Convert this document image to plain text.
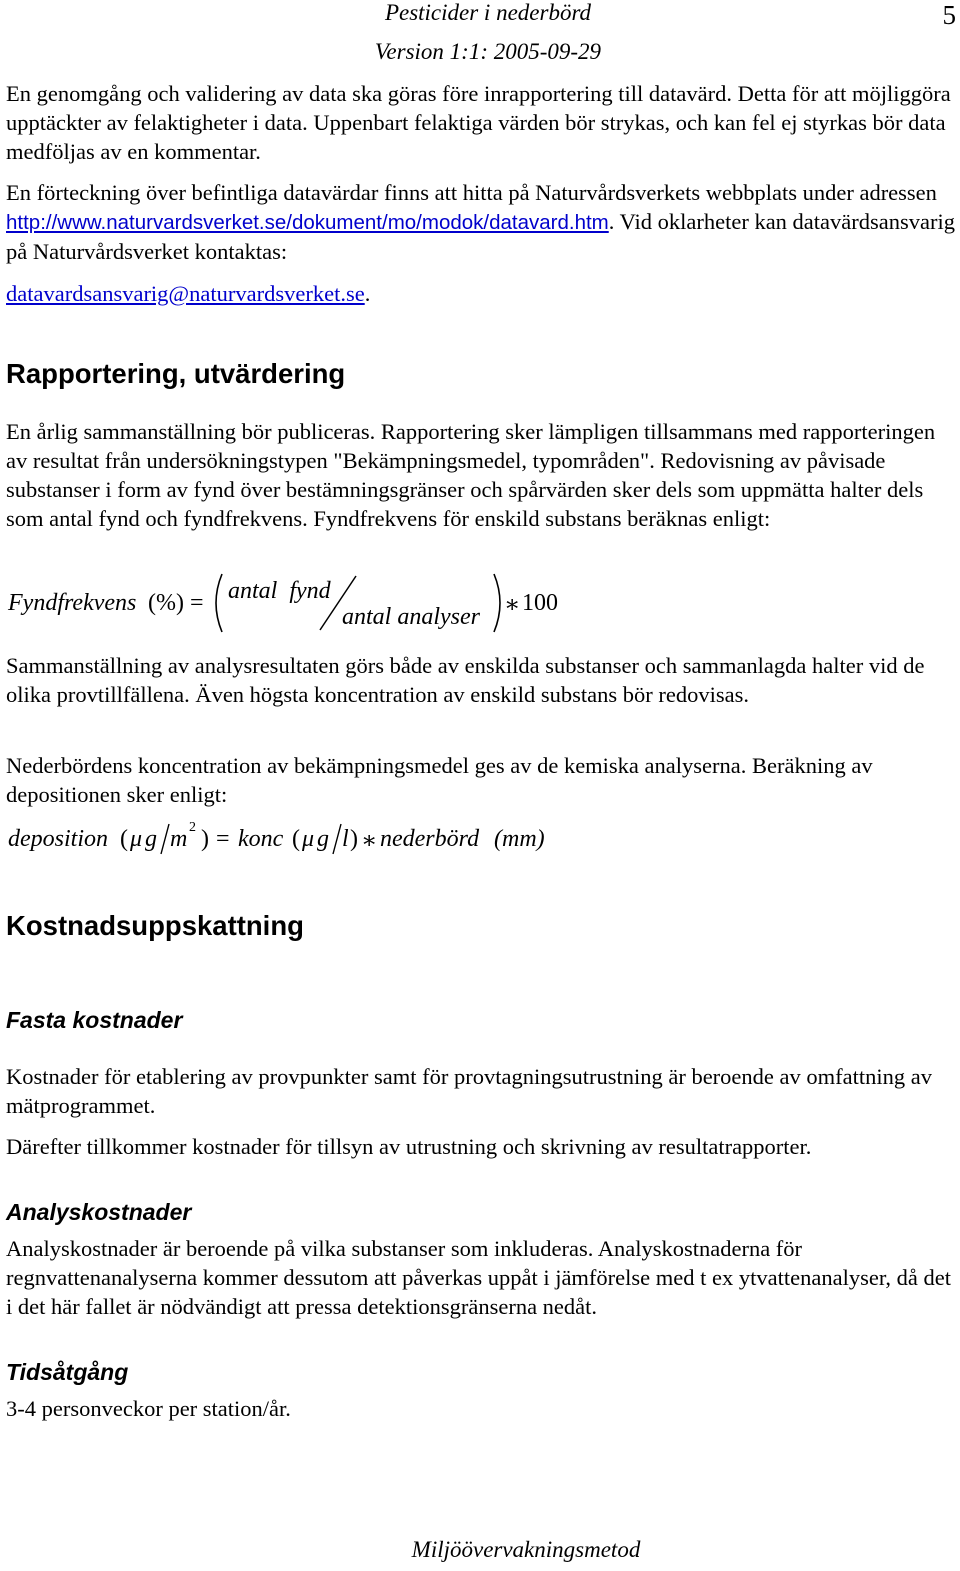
Pesticider i nederbörd
Version 1:1: 2005-09-29
5

En genomgång och validering av data ska göras före inrapportering till datavärd. Detta för att möjliggöra upptäckter av felaktigheter i data. Uppenbart felaktiga värden bör strykas, och kan fel ej styrkas bör data medföljas av en kommentar.

En förteckning över befintliga datavärdar finns att hitta på Naturvårdsverkets webbplats under adressen http://www.naturvardsverket.se/dokument/mo/modok/datavard.htm. Vid oklarheter kan datavärdsansvarig på Naturvårdsverket kontaktas:

datavardsansvarig@naturvardsverket.se.

Rapportering, utvärdering

En årlig sammanställning bör publiceras. Rapportering sker lämpligen tillsammans med rapporteringen av resultat från undersökningstypen "Bekämpningsmedel, typområden". Redovisning av påvisade substanser i form av fynd över bestämningsgränser och spårvärden sker dels som uppmätta halter dels som antal fynd och fyndfrekvens. Fyndfrekvens för enskild substans beräknas enligt:

Fyndfrekvens (%) = antal  fynd
antal analyser ∗ 100

Sammanställning av analysresultaten görs både av enskilda substanser och sammanlagda halter vid de olika provtillfällena. Även högsta koncentration av enskild substans bör redovisas.

Nederbördens koncentration av bekämpningsmedel ges av de kemiska analyserna. Beräkning av depositionen sker enligt:

deposition ( μ g m 2 ) = konc ( μ g l ) ∗ nederbörd (mm)
Kostnadsuppskattning
Fasta kostnader

Kostnader för etablering av provpunkter samt för provtagningsutrustning är beroende av omfattning av mätprogrammet.

Därefter tillkommer kostnader för tillsyn av utrustning och skrivning av resultatrapporter.

Analyskostnader

Analyskostnader är beroende på vilka substanser som inkluderas. Analyskostnaderna för regnvattenanalyserna kommer dessutom att påverkas uppåt i jämförelse med t ex ytvattenanalyser, då det i det här fallet är nödvändigt att pressa detektionsgränserna nedåt.

Tidsåtgång

3-4 personveckor per station/år.

Miljöövervakningsmetod
